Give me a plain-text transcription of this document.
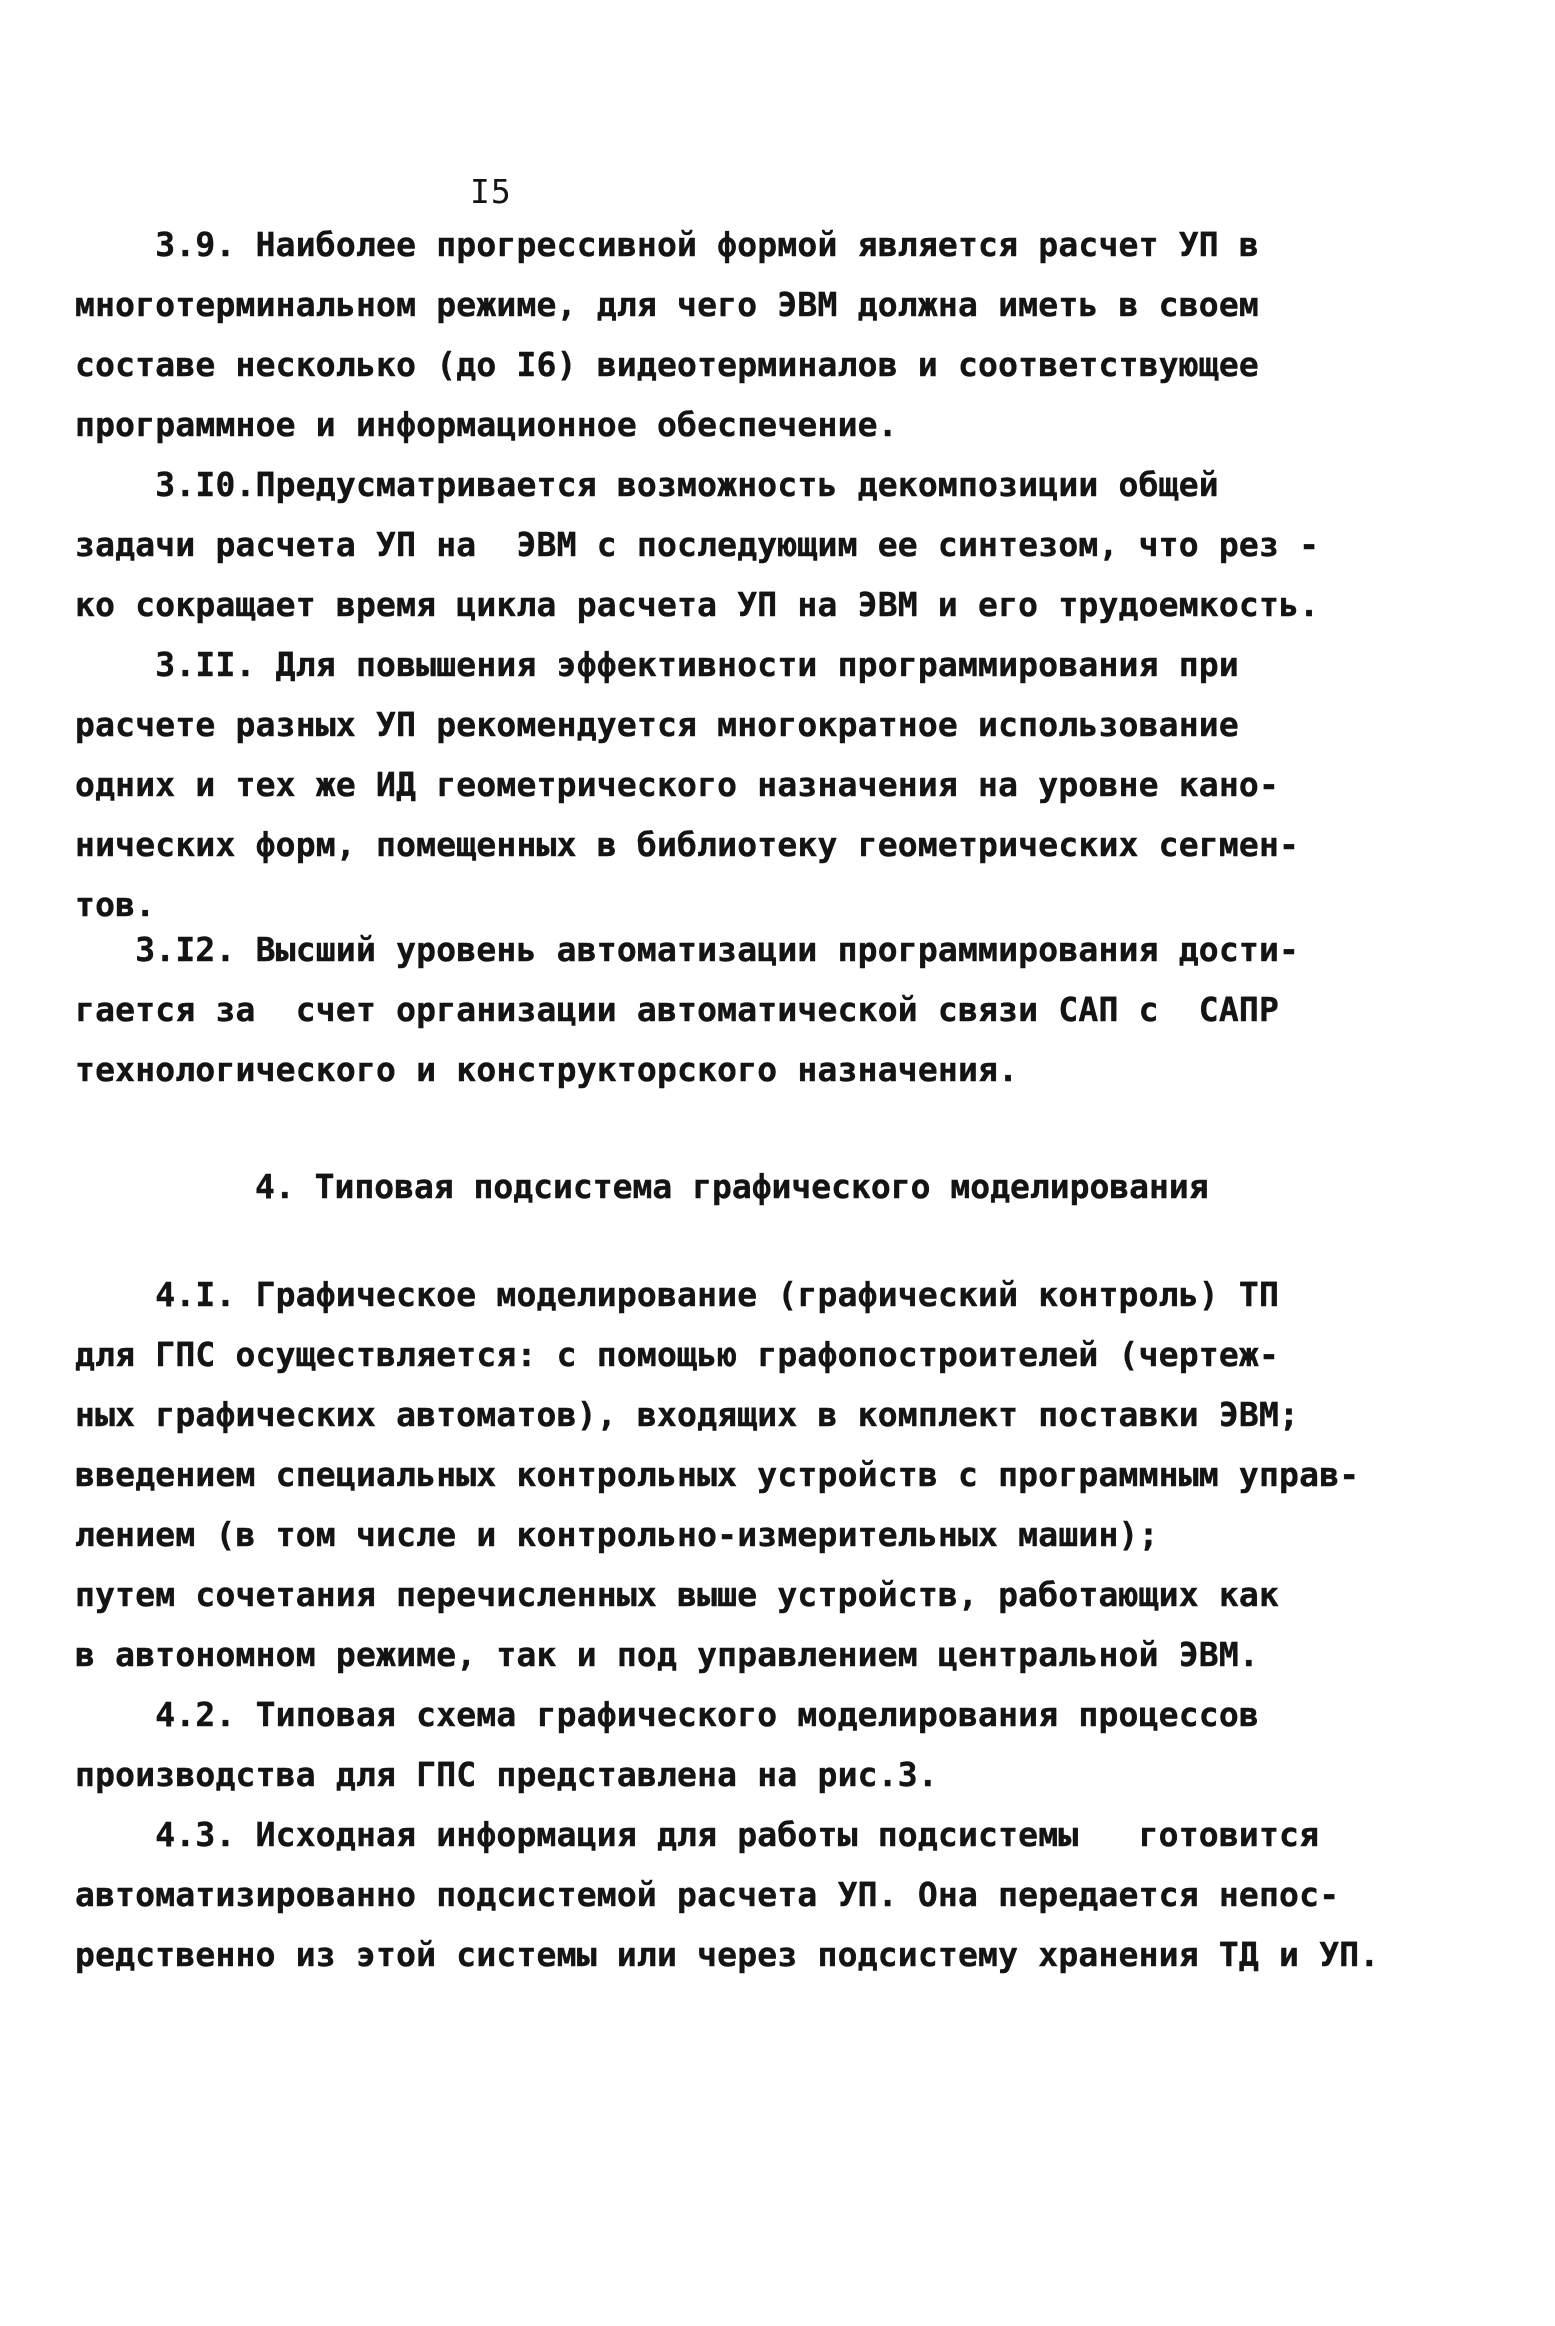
I5
3.9. Наиболее прогрессивной формой является расчет УП в
многотерминальном режиме, для чего ЭВМ должна иметь в своем
составе несколько (до I6) видеотерминалов и соответствующее
программное и информационное обеспечение.
3.I0.Предусматривается возможность декомпозиции общей
задачи расчета УП на  ЭВМ с последующим ее синтезом, что рез -
ко сокращает время цикла расчета УП на ЭВМ и его трудоемкость.
3.II. Для повышения эффективности программирования при
расчете разных УП рекомендуется многократное использование
одних и тех же ИД геометрического назначения на уровне кано-
нических форм, помещенных в библиотеку геометрических сегмен-
тов.
3.I2. Высший уровень автоматизации программирования дости-
гается за  счет организации автоматической связи САП с  САПР
технологического и конструкторского назначения.
4. Типовая подсистема графического моделирования
4.I. Графическое моделирование (графический контроль) ТП
для ГПС осуществляется: с помощью графопостроителей (чертеж-
ных графических автоматов), входящих в комплект поставки ЭВМ;
введением специальных контрольных устройств с программным управ-
лением (в том числе и контрольно-измерительных машин);
путем сочетания перечисленных выше устройств, работающих как
в автономном режиме, так и под управлением центральной ЭВМ.
4.2. Типовая схема графического моделирования процессов
производства для ГПС представлена на рис.3.
4.3. Исходная информация для работы подсистемы   готовится
автоматизированно подсистемой расчета УП. Она передается непос-
редственно из этой системы или через подсистему хранения ТД и УП.
